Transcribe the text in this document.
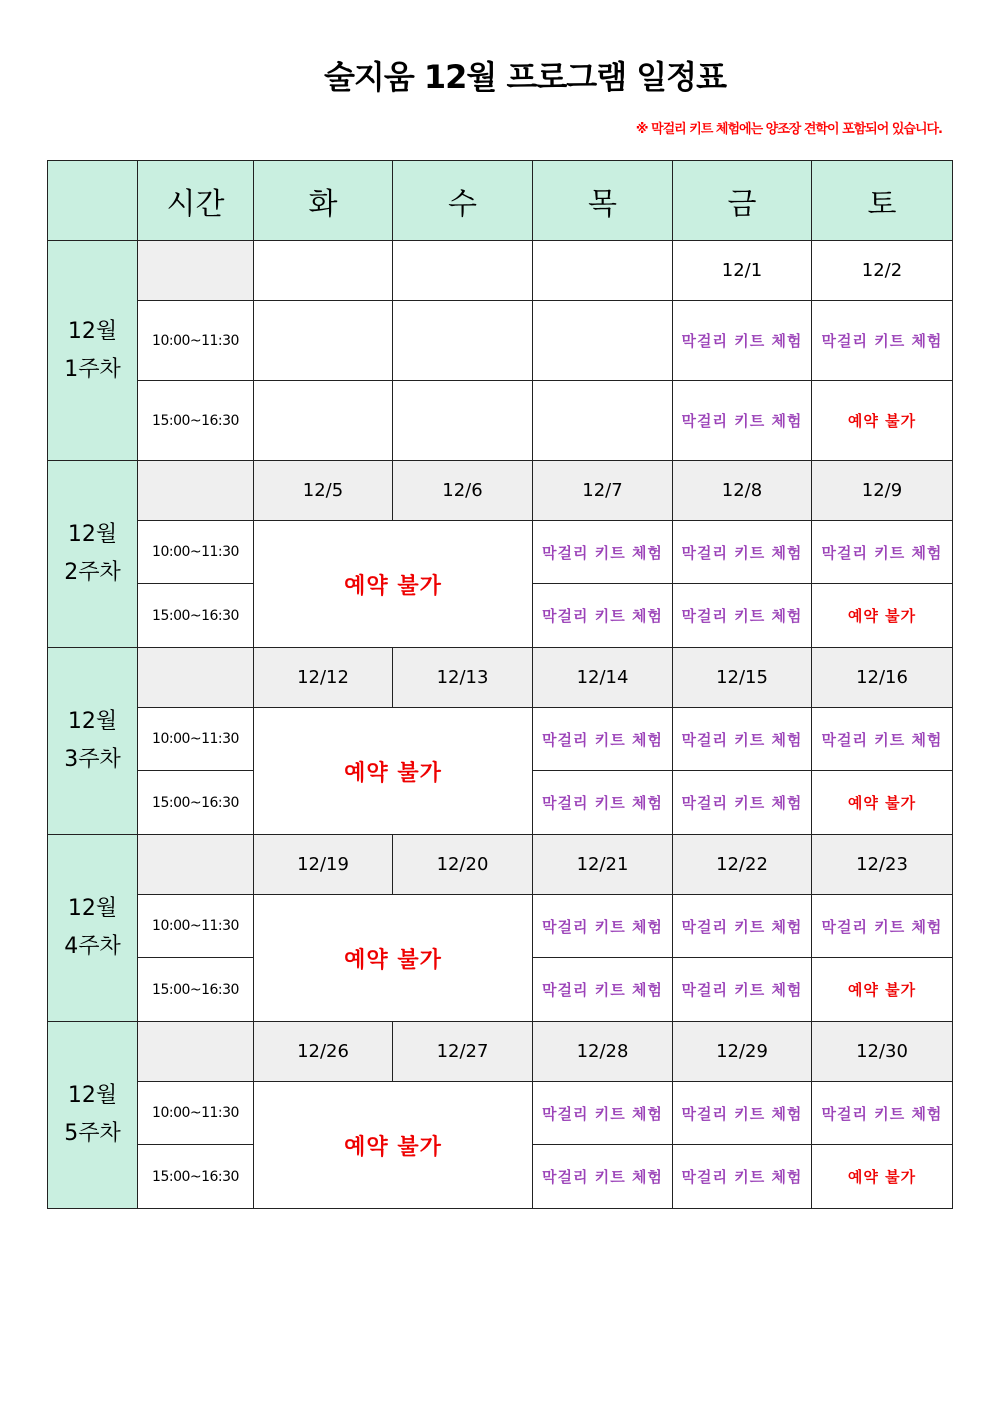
술지움 12월 프로그램 일정표
※ 막걸리 키트 체험에는 양조장 견학이 포함되어 있습니다.
	시간	화	수	목	금	토

12월
1주차					12/1	12/2
	10:00~11:30				막걸리 키트 체험	막걸리 키트 체험
	15:00~16:30				막걸리 키트 체험	예약 불가

12월
2주차		12/5	12/6	12/7	12/8	12/9
	10:00~11:30	예약 불가		막걸리 키트 체험	막걸리 키트 체험	막걸리 키트 체험
	15:00~16:30			막걸리 키트 체험	막걸리 키트 체험	예약 불가

12월
3주차		12/12	12/13	12/14	12/15	12/16
	10:00~11:30	예약 불가		막걸리 키트 체험	막걸리 키트 체험	막걸리 키트 체험
	15:00~16:30			막걸리 키트 체험	막걸리 키트 체험	예약 불가

12월
4주차		12/19	12/20	12/21	12/22	12/23
	10:00~11:30	예약 불가		막걸리 키트 체험	막걸리 키트 체험	막걸리 키트 체험
	15:00~16:30			막걸리 키트 체험	막걸리 키트 체험	예약 불가

12월
5주차		12/26	12/27	12/28	12/29	12/30
	10:00~11:30	예약 불가		막걸리 키트 체험	막걸리 키트 체험	막걸리 키트 체험
	15:00~16:30			막걸리 키트 체험	막걸리 키트 체험	예약 불가
